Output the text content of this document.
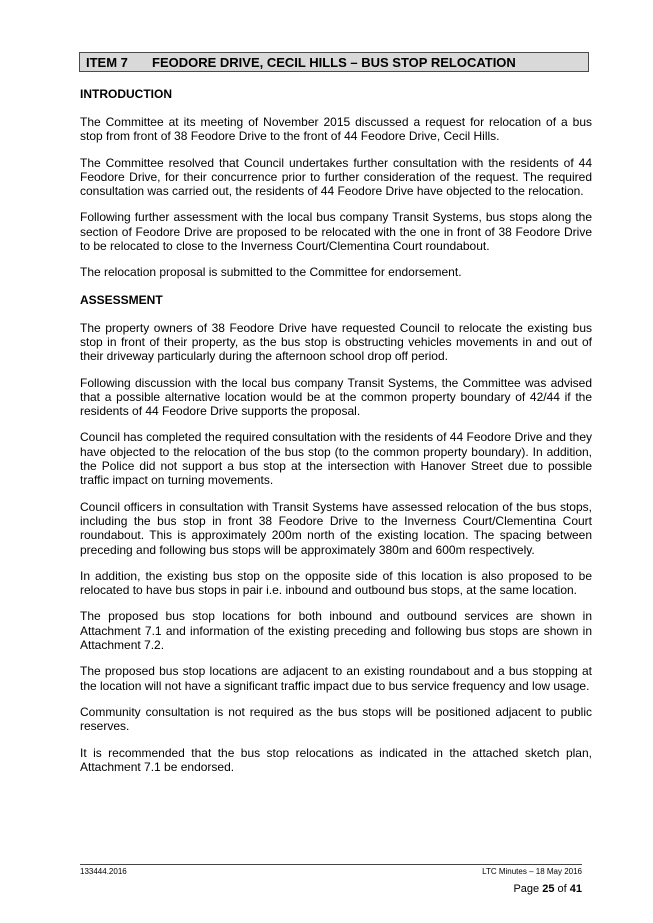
ITEM 7 FEODORE DRIVE, CECIL HILLS – BUS STOP RELOCATION
INTRODUCTION

The Committee at its meeting of November 2015 discussed a request for relocation of a bus stop from front of 38 Feodore Drive to the front of 44 Feodore Drive, Cecil Hills.

The Committee resolved that Council undertakes further consultation with the residents of 44 Feodore Drive, for their concurrence prior to further consideration of the request. The required consultation was carried out, the residents of 44 Feodore Drive have objected to the relocation.

Following further assessment with the local bus company Transit Systems, bus stops along the section of Feodore Drive are proposed to be relocated with the one in front of 38 Feodore Drive to be relocated to close to the Inverness Court/Clementina Court roundabout.

The relocation proposal is submitted to the Committee for endorsement.

ASSESSMENT

The property owners of 38 Feodore Drive have requested Council to relocate the existing bus stop in front of their property, as the bus stop is obstructing vehicles movements in and out of their driveway particularly during the afternoon school drop off period.

Following discussion with the local bus company Transit Systems, the Committee was advised that a possible alternative location would be at the common property boundary of 42/44 if the residents of 44 Feodore Drive supports the proposal.

Council has completed the required consultation with the residents of 44 Feodore Drive and they have objected to the relocation of the bus stop (to the common property boundary). In addition, the Police did not support a bus stop at the intersection with Hanover Street due to possible traffic impact on turning movements.

Council officers in consultation with Transit Systems have assessed relocation of the bus stops, including the bus stop in front 38 Feodore Drive to the Inverness Court/Clementina Court roundabout. This is approximately 200m north of the existing location. The spacing between preceding and following bus stops will be approximately 380m and 600m respectively.

In addition, the existing bus stop on the opposite side of this location is also proposed to be relocated to have bus stops in pair i.e. inbound and outbound bus stops, at the same location.

The proposed bus stop locations for both inbound and outbound services are shown in Attachment 7.1 and information of the existing preceding and following bus stops are shown in Attachment 7.2.

The proposed bus stop locations are adjacent to an existing roundabout and a bus stopping at the location will not have a significant traffic impact due to bus service frequency and low usage.

Community consultation is not required as the bus stops will be positioned adjacent to public reserves.

It is recommended that the bus stop relocations as indicated in the attached sketch plan, Attachment 7.1 be endorsed.

133444.2016	LTC Minutes – 18 May 2016
Page 25 of 41
